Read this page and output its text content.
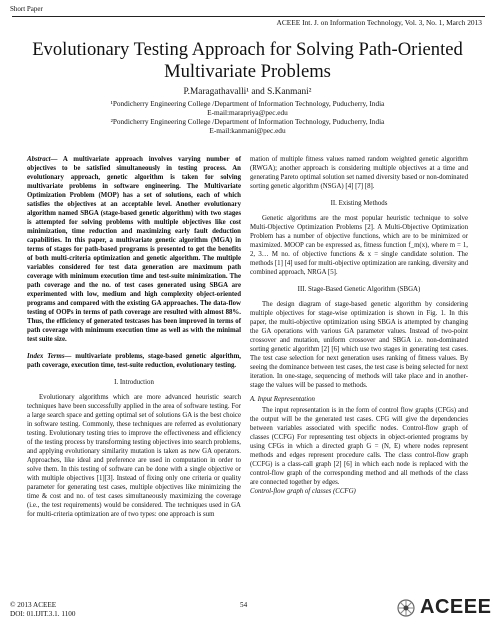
Short Paper
ACEEE Int. J. on Information Technology, Vol. 3, No. 1, March 2013
Evolutionary Testing Approach for Solving Path-Oriented Multivariate Problems
P.Maragathavalli¹ and S.Kanmani²
¹Pondicherry Engineering College /Department of Information Technology, Puducherry, India
E-mail:marapriya@pec.edu
²Pondicherry Engineering College /Department of Information Technology, Puducherry, India
E-mail:kanmani@pec.edu

Abstract— A multivariate approach involves varying number of objectives to be satisfied simultaneously in testing process. An evolutionary approach, genetic algorithm is taken for solving multivariate problems in software engineering. The Multivariate Optimization Problem (MOP) has a set of solutions, each of which satisfies the objectives at an acceptable level. Another evolutionary algorithm named SBGA (stage-based genetic algorithm) with two stages is attempted for solving problems with multiple objectives like cost minimization, time reduction and maximizing early fault deduction capabilities. In this paper, a multivariate genetic algorithm (MGA) in terms of stages for path-based programs is presented to get the benefits of both multi-criteria optimization and genetic algorithm. The multiple variables considered for test data generation are maximum path coverage with minimum execution time and test-suite minimization. The path coverage and the no. of test cases generated using SBGA are experimented with low, medium and high complexity object-oriented programs and compared with the existing GA approaches. The data-flow testing of OOPs in terms of path coverage are resulted with almost 88%. Thus, the efficiency of generated testcases has been improved in terms of path coverage with minimum execution time as well as with the minimal test suite size.

Index Terms— multivariate problems, stage-based genetic algorithm, path coverage, execution time, test-suite reduction, evolutionary testing.

I. Introduction

Evolutionary algorithms which are more advanced heuristic search techniques have been successfully applied in the area of software testing. For a large search space and getting optimal set of solutions GA is the best choice in software testing. Commonly, these techniques are referred as evolutionary testing. Evolutionary testing tries to improve the effectiveness and efficiency of the testing process by transforming testing objectives into search problems, and applying evolutionary similarity mutation is taken as new GA operators. Approaches, like ideal and preference are used in computation in order to solve them. In this testing of software can be done with a single objective or with multiple objectives [1][3]. Instead of fixing only one criteria or quality parameter for generating test cases, multiple objectives like minimizing the time & cost and no. of test cases simultaneously maximizing the coverage (i.e., the test requirements) would be considered. The techniques used in GA for multi-criteria optimization are of two types: one approach is sum

mation of multiple fitness values named random weighted genetic algorithm (RWGA); another approach is considering multiple objectives at a time and generating Pareto optimal solution set named diversity based or non-dominated sorting genetic algorithm (NSGA) [4] [7] [8].

II. Existing Methods

Genetic algorithms are the most popular heuristic technique to solve Multi-Objective Optimization Problems [2]. A Multi-Objective Optimization Problem has a number of objective functions, which are to be minimized or maximized. MOOP can be expressed as, fitness function f_m(x), where m = 1, 2, 3… M no. of objective functions & x = single candidate solution. The methods [1] [4] used for multi-objective optimization are ranking, diversity and combined approach, NRGA [5].

III. Stage-Based Genetic Algorithm (SBGA)

The design diagram of stage-based genetic algorithm by considering multiple objectives for stage-wise optimization is shown in Fig. 1. In this paper, the multi-objective optimization using SBGA is attempted by changing the GA operations with various GA parameter values. Instead of two-point crossover and mutation, uniform crossover and SBGA i.e. non-dominated sorting genetic algorithm [2] [6] which use two stages in generating test cases. The test case selection for next generation uses ranking of fitness values. By seeing the dominance between test cases, the test case is being selected for next iteration. In one-stage, sequencing of methods will take place and in another-stage the values will be passed to methods.

A. Input Representation

The input representation is in the form of control flow graphs (CFGs) and the output will be the generated test cases. CFG will give the dependencies between variables associated with specific nodes. Control-flow graph of classes (CCFG) For representing test objects in object-oriented programs by using CFGs in which a directed graph G = (N, E) where nodes represent methods and edges represent procedure calls. The class control-flow graph (CCFG) is a class-call graph [2] [6] in which each node is replaced with the control-flow graph of the corresponding method and all methods of the class are connected together by edges.

Control-flow graph of classes (CCFG)

© 2013 ACEEE
DOI: 01.IJIT.3.1. 1100
54	ACEEE
